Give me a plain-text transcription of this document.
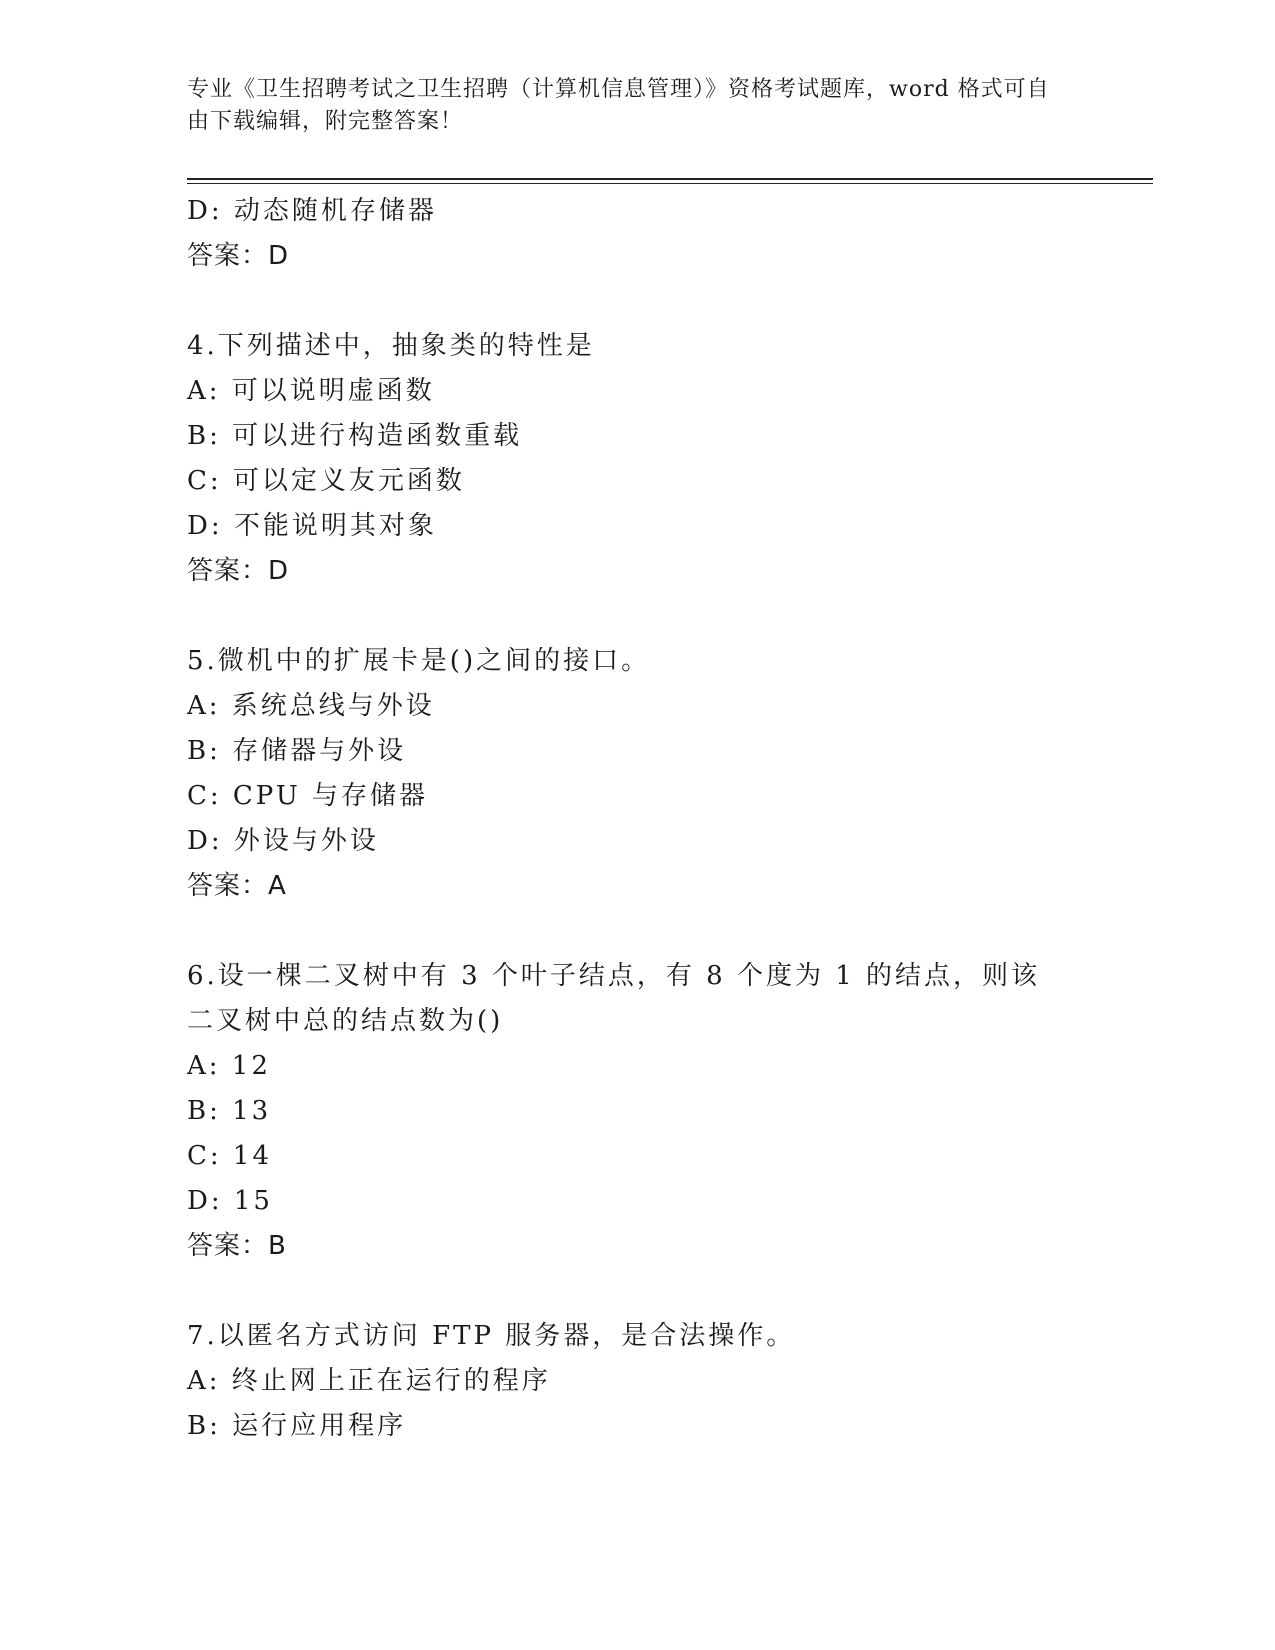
专业《卫生招聘考试之卫生招聘（计算机信息管理）》资格考试题库，word 格式可自由下载编辑，附完整答案！
D: 动态随机存储器
答案：D
4.下列描述中，抽象类的特性是
A: 可以说明虚函数
B: 可以进行构造函数重载
C: 可以定义友元函数
D: 不能说明其对象
答案：D
5.微机中的扩展卡是()之间的接口。
A: 系统总线与外设
B: 存储器与外设
C: CPU 与存储器
D: 外设与外设
答案：A
6.设一棵二叉树中有 3 个叶子结点，有 8 个度为 1 的结点，则该二叉树中总的结点数为()
A: 12
B: 13
C: 14
D: 15
答案：B
7.以匿名方式访问 FTP 服务器，是合法操作。
A: 终止网上正在运行的程序
B: 运行应用程序
